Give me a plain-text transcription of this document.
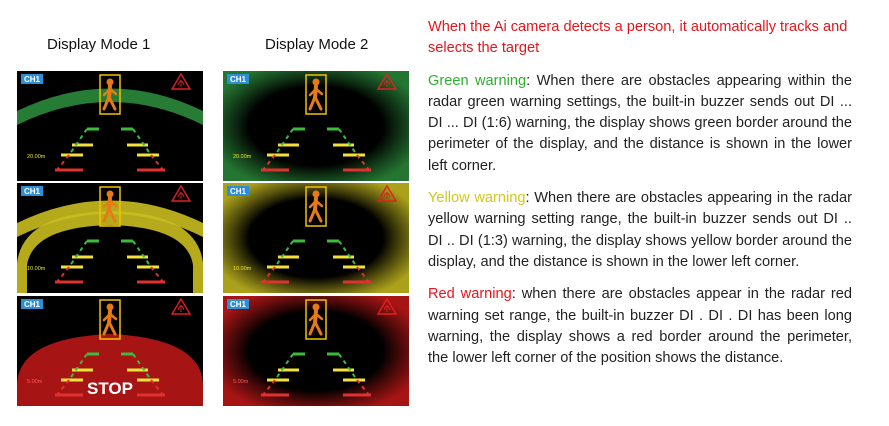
Display Mode 1	Display Mode 2
CH1
20.00m
CH1
20.00m
CH1
10.00m
CH1
10.00m
CH1
5.00m	STOP
CH1
5.00m

When the Ai camera detects a person, it automatically tracks and selects the target

Green warning: When there are obstacles appearing within the radar green warning settings, the built-in buzzer sends out DI ... DI ... DI (1:6) warning, the display shows green border around the perimeter of the display, and the distance is shown in the lower left corner.

Yellow warning: When there are obstacles appearing in the radar yellow warning setting range, the built-in buzzer sends out DI .. DI .. DI (1:3) warning, the display shows yellow border around the display, and the distance is shown in the lower left corner.

Red warning: when there are obstacles appear in the radar red warning set range, the built-in buzzer DI . DI . DI has been long warning, the display shows a red border around the perimeter, the lower left corner of the position shows the distance.
